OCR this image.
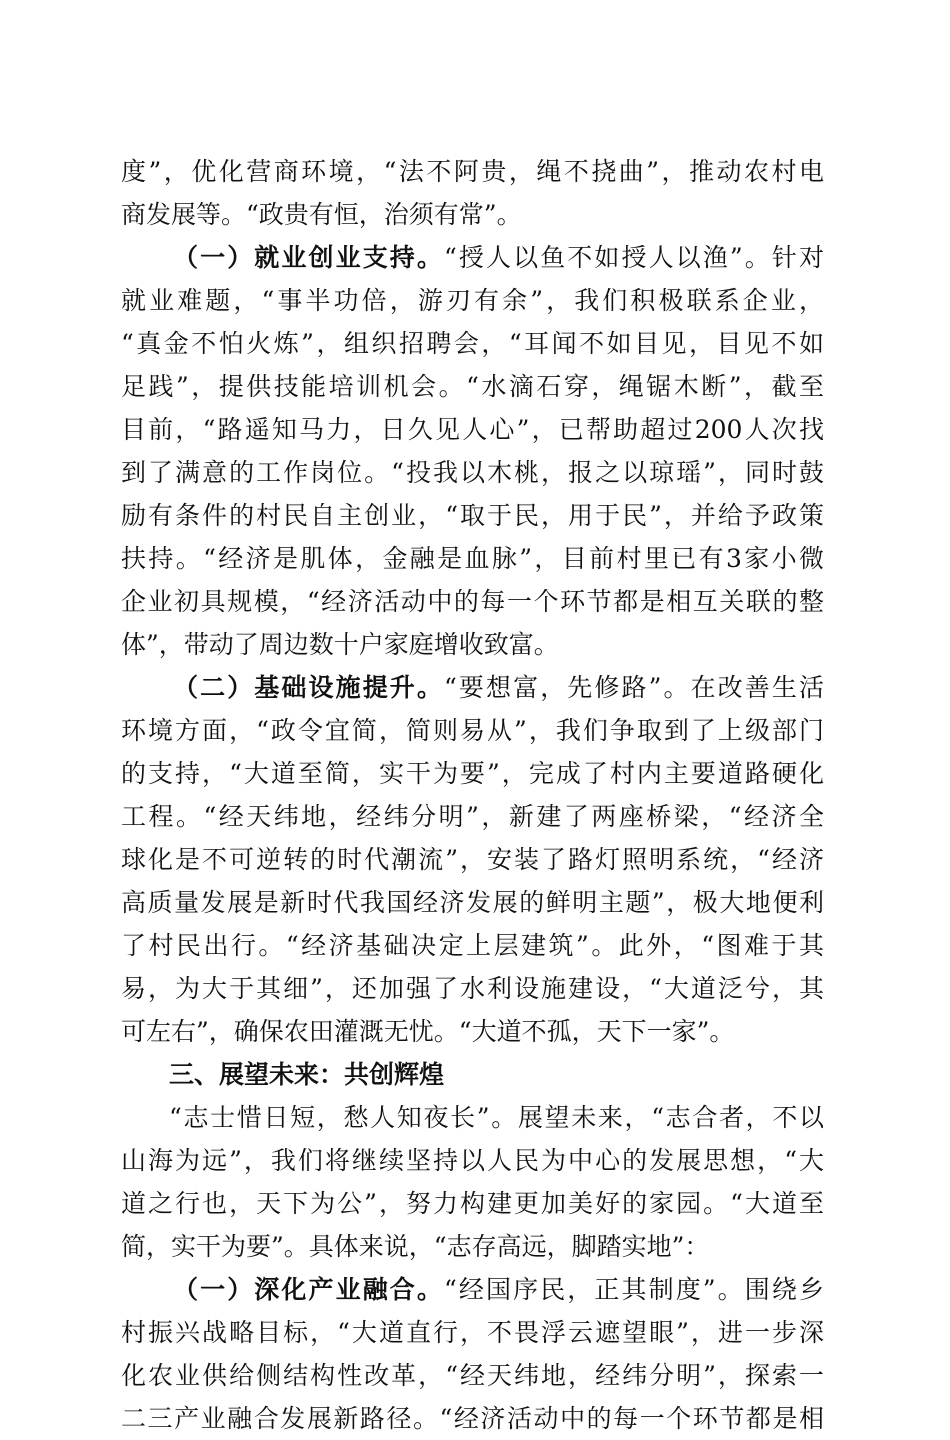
度”，优化营商环境，“法不阿贵，绳不挠曲”，推动农村电
商发展等。“政贵有恒，治须有常”。
（一）就业创业支持。“授人以鱼不如授人以渔”。针对
就业难题，“事半功倍，游刃有余”，我们积极联系企业，
“真金不怕火炼”，组织招聘会，“耳闻不如目见，目见不如
足践”，提供技能培训机会。“水滴石穿，绳锯木断”，截至
目前，“路遥知马力，日久见人心”，已帮助超过200人次找
到了满意的工作岗位。“投我以木桃，报之以琼瑶”，同时鼓
励有条件的村民自主创业，“取于民，用于民”，并给予政策
扶持。“经济是肌体，金融是血脉”，目前村里已有3家小微
企业初具规模，“经济活动中的每一个环节都是相互关联的整
体”，带动了周边数十户家庭增收致富。
（二）基础设施提升。“要想富，先修路”。在改善生活
环境方面，“政令宜简，简则易从”，我们争取到了上级部门
的支持，“大道至简，实干为要”，完成了村内主要道路硬化
工程。“经天纬地，经纬分明”，新建了两座桥梁，“经济全
球化是不可逆转的时代潮流”，安装了路灯照明系统，“经济
高质量发展是新时代我国经济发展的鲜明主题”，极大地便利
了村民出行。“经济基础决定上层建筑”。此外，“图难于其
易，为大于其细”，还加强了水利设施建设，“大道泛兮，其
可左右”，确保农田灌溉无忧。“大道不孤，天下一家”。
三、展望未来：共创辉煌
“志士惜日短，愁人知夜长”。展望未来，“志合者，不以
山海为远”，我们将继续坚持以人民为中心的发展思想，“大
道之行也，天下为公”，努力构建更加美好的家园。“大道至
简，实干为要”。具体来说，“志存高远，脚踏实地”：
（一）深化产业融合。“经国序民，正其制度”。围绕乡
村振兴战略目标，“大道直行，不畏浮云遮望眼”，进一步深
化农业供给侧结构性改革，“经天纬地，经纬分明”，探索一
二三产业融合发展新路径。“经济活动中的每一个环节都是相
